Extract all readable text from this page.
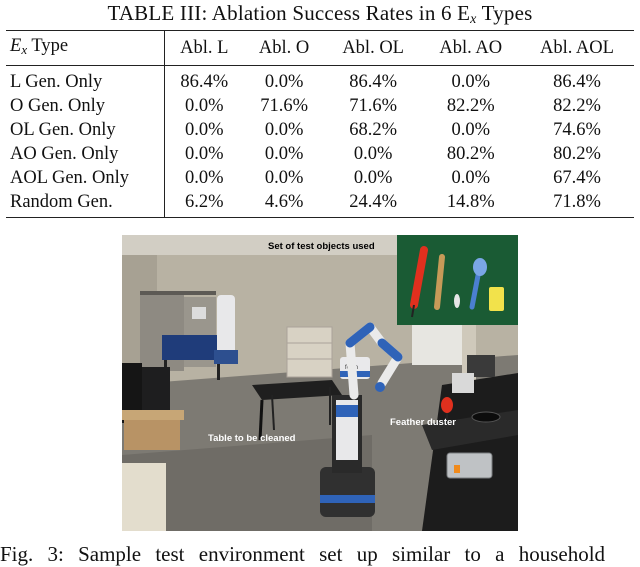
TABLE III: Ablation Success Rates in 6 Ex Types
Ex Type	Abl. L	Abl. O	Abl. OL	Abl. AO	Abl. AOL
L Gen. Only	86.4%	0.0%	86.4%	0.0%	86.4%
O Gen. Only	0.0%	71.6%	71.6%	82.2%	82.2%
OL Gen. Only	0.0%	0.0%	68.2%	0.0%	74.6%
AO Gen. Only	0.0%	0.0%	0.0%	80.2%	80.2%
AOL Gen. Only	0.0%	0.0%	0.0%	0.0%	67.4%
Random Gen.	6.2%	4.6%	24.4%	14.8%	71.8%
fetch
Set of test objects used
Table to be cleaned
Feather duster
Fig. 3: Sample test environment set up similar to a household
